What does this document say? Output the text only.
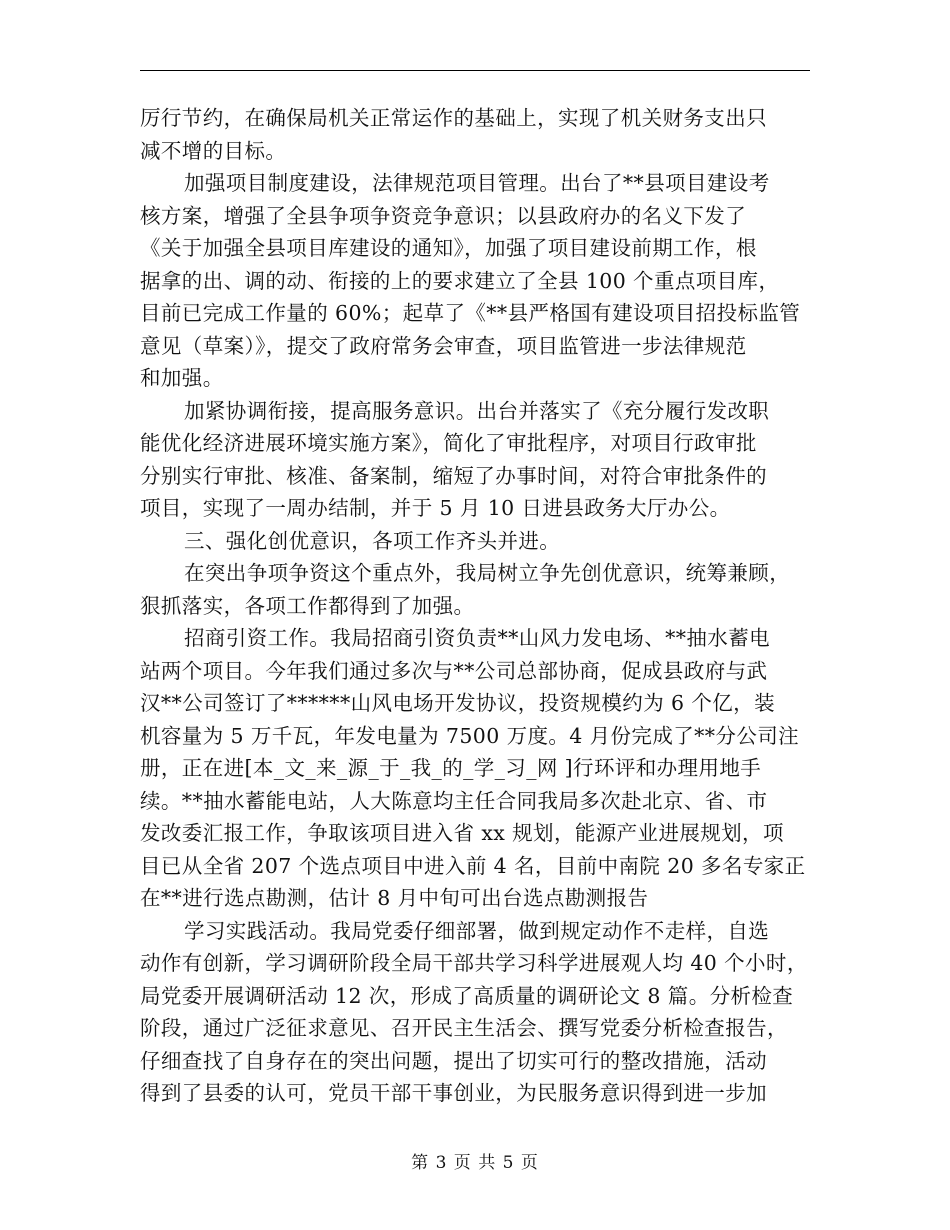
厉行节约，在确保局机关正常运作的基础上，实现了机关财务支出只
减不增的目标。
加强项目制度建设，法律规范项目管理。出台了**县项目建设考
核方案，增强了全县争项争资竞争意识；以县政府办的名义下发了
《关于加强全县项目库建设的通知》，加强了项目建设前期工作，根
据拿的出、调的动、衔接的上的要求建立了全县 100 个重点项目库，
目前已完成工作量的 60%；起草了《**县严格国有建设项目招投标监管
意见（草案）》，提交了政府常务会审查，项目监管进一步法律规范
和加强。
加紧协调衔接，提高服务意识。出台并落实了《充分履行发改职
能优化经济进展环境实施方案》，简化了审批程序，对项目行政审批
分别实行审批、核准、备案制，缩短了办事时间，对符合审批条件的
项目，实现了一周办结制，并于 5 月 10 日进县政务大厅办公。
三、强化创优意识，各项工作齐头并进。
在突出争项争资这个重点外，我局树立争先创优意识，统筹兼顾，
狠抓落实，各项工作都得到了加强。
招商引资工作。我局招商引资负责**山风力发电场、**抽水蓄电
站两个项目。今年我们通过多次与**公司总部协商，促成县政府与武
汉**公司签订了******山风电场开发协议，投资规模约为 6 个亿，装
机容量为 5 万千瓦，年发电量为 7500 万度。4 月份完成了**分公司注
册，正在进[本_文_来_源_于_我_的_学_习_网 ]行环评和办理用地手
续。**抽水蓄能电站，人大陈意均主任合同我局多次赴北京、省、市
发改委汇报工作，争取该项目进入省 xx 规划，能源产业进展规划，项
目已从全省 207 个选点项目中进入前 4 名，目前中南院 20 多名专家正
在**进行选点勘测，估计 8 月中旬可出台选点勘测报告
学习实践活动。我局党委仔细部署，做到规定动作不走样，自选
动作有创新，学习调研阶段全局干部共学习科学进展观人均 40 个小时，
局党委开展调研活动 12 次，形成了高质量的调研论文 8 篇。分析检查
阶段，通过广泛征求意见、召开民主生活会、撰写党委分析检查报告，
仔细查找了自身存在的突出问题，提出了切实可行的整改措施，活动
得到了县委的认可，党员干部干事创业，为民服务意识得到进一步加
第 3 页 共 5 页
